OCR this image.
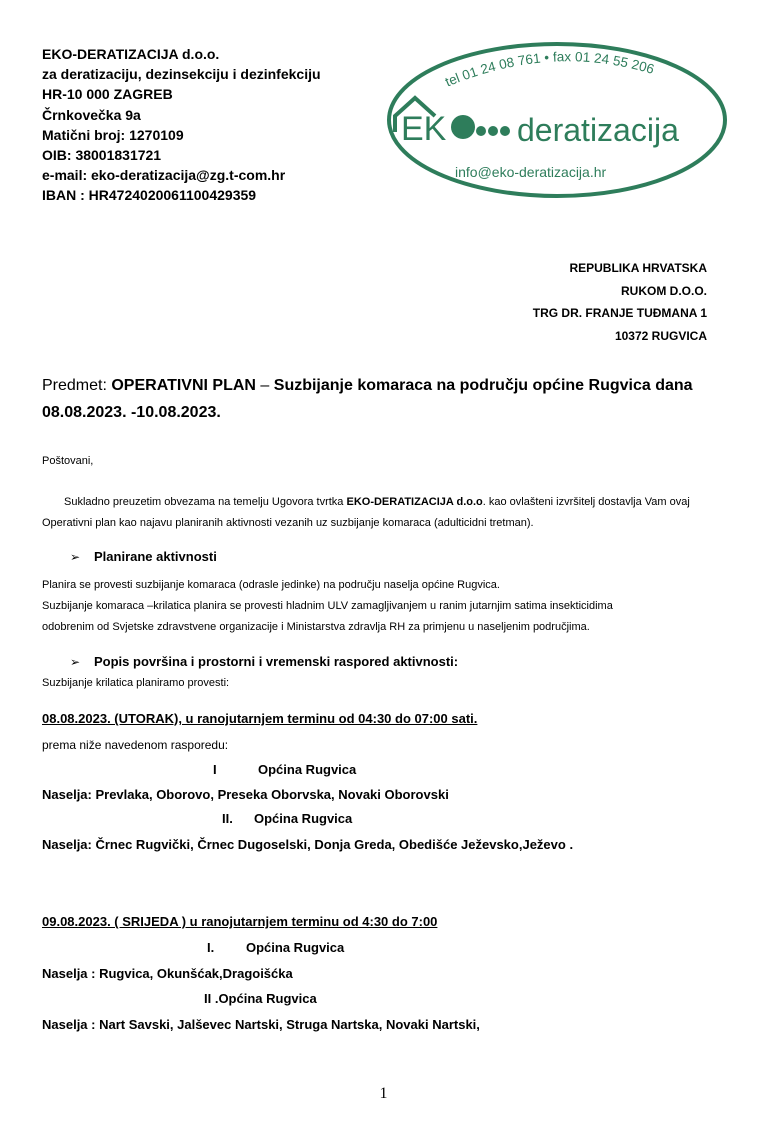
EKO-DERATIZACIJA d.o.o.
za deratizaciju, dezinsekciju i dezinfekciju
HR-10 000 ZAGREB
Črnkovečka 9a
Matični broj: 1270109
OIB: 38001831721
e-mail: eko-deratizacija@zg.t-com.hr
IBAN : HR4724020061100429359
tel 01 24 08 761 • fax 01 24 55 206
EK deratizacija
info@eko-deratizacija.hr
REPUBLIKA HRVATSKA
RUKOM D.O.O.
TRG DR. FRANJE TUĐMANA 1
10372 RUGVICA
Predmet: OPERATIVNI PLAN – Suzbijanje komaraca na području općine Rugvica dana 08.08.2023. -10.08.2023.
Poštovani,
Sukladno preuzetim obvezama na temelju Ugovora tvrtka EKO-DERATIZACIJA d.o.o. kao ovlašteni izvršitelj dostavlja Vam ovaj Operativni plan kao najavu planiranih aktivnosti vezanih uz suzbijanje komaraca (adulticidni tretman).
➢ Planirane aktivnosti
Planira se provesti suzbijanje komaraca (odrasle jedinke) na području naselja općine Rugvica.
Suzbijanje komaraca –krilatica planira se provesti hladnim ULV zamagljivanjem u ranim jutarnjim satima insekticidima
odobrenim od Svjetske zdravstvene organizacije i Ministarstva zdravlja RH za primjenu u naseljenim područjima.
➢ Popis površina i prostorni i vremenski raspored aktivnosti:
Suzbijanje krilatica planiramo provesti:
08.08.2023. (UTORAK), u ranojutarnjem terminu od 04:30 do 07:00 sati.
prema niže navedenom rasporedu:
I	Općina Rugvica
Naselja: Prevlaka, Oborovo, Preseka Oborvska, Novaki Oborovski
II. Općina Rugvica
Naselja: Črnec Rugvički, Črnec Dugoselski, Donja Greda, Obedišće Ježevsko,Ježevo .
09.08.2023. ( SRIJEDA ) u ranojutarnjem terminu od 4:30 do 7:00
I. Općina Rugvica
Naselja : Rugvica, Okunšćak,Dragoišćka
II .Općina Rugvica
Naselja : Nart Savski, Jalševec Nartski, Struga Nartska, Novaki Nartski,
1
